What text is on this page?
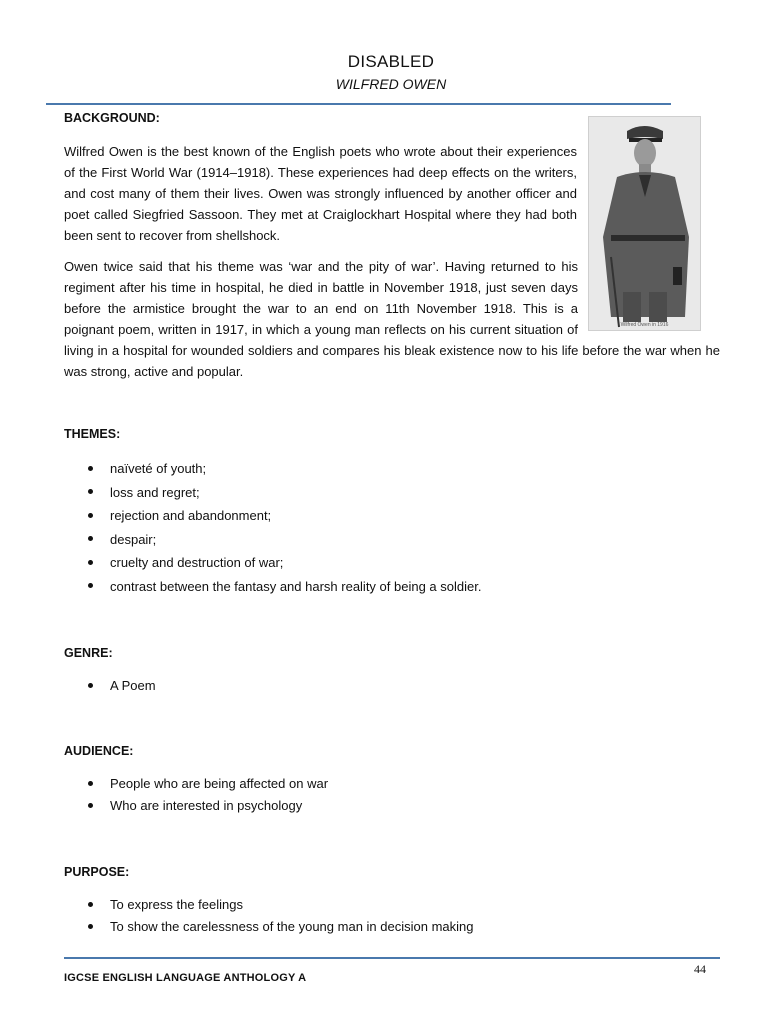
DISABLED
WILFRED OWEN
BACKGROUND:

Wilfred Owen is the best known of the English poets who wrote about their experiences of the First World War (1914–1918). These experiences had deep effects on the writers, and cost many of them their lives. Owen was strongly influenced by another officer and poet called Siegfried Sassoon. They met at Craiglockhart Hospital where they had both been sent to recover from shellshock.

Owen twice said that his theme was ‘war and the pity of war’. Having returned to his regiment after his time in hospital, he died in battle in November 1918, just seven days before the armistice brought the war to an end on 11th November 1918. This is a poignant poem, written in 1917, in which a young man reflects on his current situation of living in a hospital for wounded soldiers and compares his bleak existence now to his life before the war when he was strong, active and popular.

Wilfred Owen in 1916
THEMES:
naïveté of youth;
loss and regret;
rejection and abandonment;
despair;
cruelty and destruction of war;
contrast between the fantasy and harsh reality of being a soldier.
GENRE:
A Poem
AUDIENCE:
People who are being affected on war
Who are interested in psychology
PURPOSE:
To express the feelings
To show the carelessness of the young man in decision making
44
IGCSE ENGLISH LANGUAGE ANTHOLOGY A
